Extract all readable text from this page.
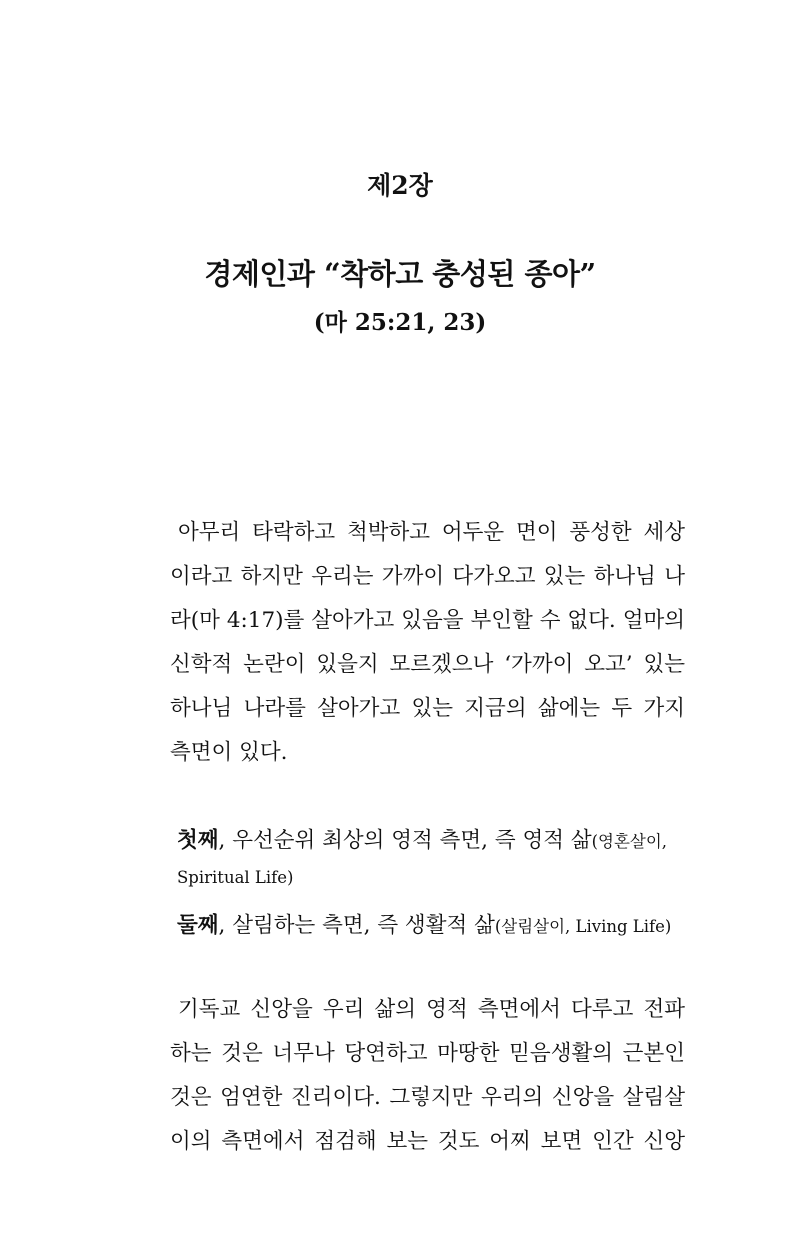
제2장
경제인과 “착하고 충성된 종아”
(마 25:21, 23)
아무리 타락하고 척박하고 어두운 면이 풍성한 세상
이라고 하지만 우리는 가까이 다가오고 있는 하나님 나
라(마 4:17)를 살아가고 있음을 부인할 수 없다. 얼마의
신학적 논란이 있을지 모르겠으나 ‘가까이 오고’ 있는
하나님 나라를 살아가고 있는 지금의 삶에는 두 가지
측면이 있다.
첫째, 우선순위 최상의 영적 측면, 즉 영적 삶(영혼살이,
Spiritual Life)
둘째, 살림하는 측면, 즉 생활적 삶(살림살이, Living Life)
기독교 신앙을 우리 삶의 영적 측면에서 다루고 전파
하는 것은 너무나 당연하고 마땅한 믿음생활의 근본인
것은 엄연한 진리이다. 그렇지만 우리의 신앙을 살림살
이의 측면에서 점검해 보는 것도 어찌 보면 인간 신앙
